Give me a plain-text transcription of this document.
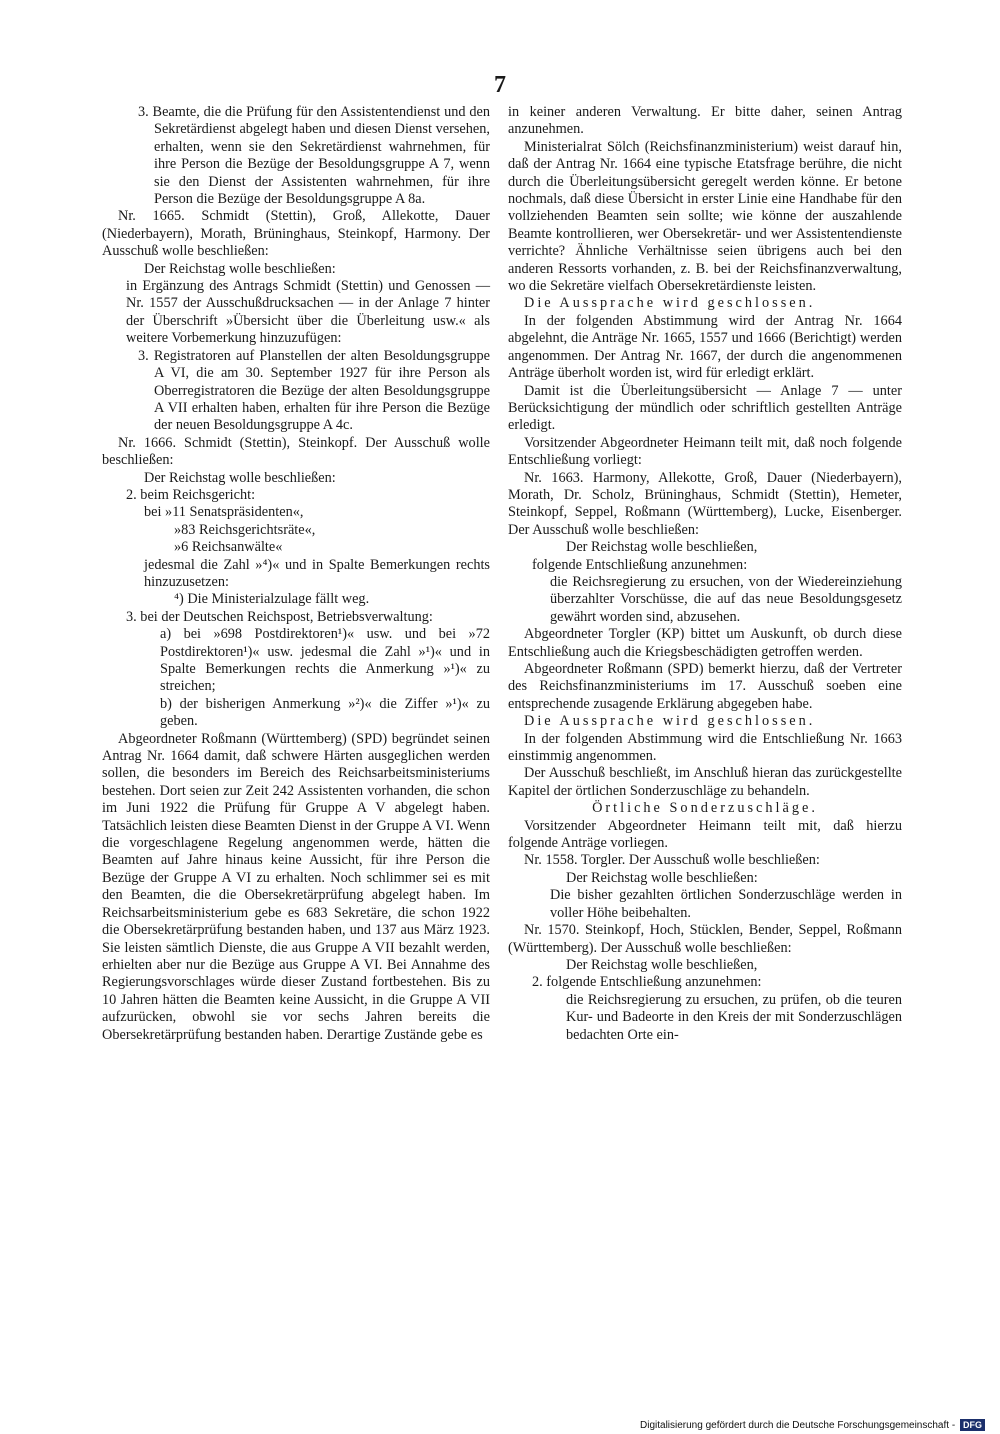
7

3. Beamte, die die Prüfung für den Assistentendienst und den Sekretärdienst abgelegt haben und diesen Dienst versehen, erhalten, wenn sie den Sekretärdienst wahrnehmen, für ihre Person die Bezüge der Besoldungsgruppe A 7, wenn sie den Dienst der Assistenten wahrnehmen, für ihre Person die Bezüge der Besoldungsgruppe A 8a.

Nr. 1665. Schmidt (Stettin), Groß, Allekotte, Dauer (Niederbayern), Morath, Brüninghaus, Steinkopf, Harmony. Der Ausschuß wolle beschließen:

Der Reichstag wolle beschließen:

in Ergänzung des Antrags Schmidt (Stettin) und Genossen — Nr. 1557 der Ausschußdrucksachen — in der Anlage 7 hinter der Überschrift »Übersicht über die Überleitung usw.« als weitere Vorbemerkung hinzuzufügen:

3. Registratoren auf Planstellen der alten Besoldungsgruppe A VI, die am 30. September 1927 für ihre Person als Oberregistratoren die Bezüge der alten Besoldungsgruppe A VII erhalten haben, erhalten für ihre Person die Bezüge der neuen Besoldungsgruppe A 4c.

Nr. 1666. Schmidt (Stettin), Steinkopf. Der Ausschuß wolle beschließen:

Der Reichstag wolle beschließen:

2. beim Reichsgericht:

bei »11 Senatspräsidenten«,

»83 Reichsgerichtsräte«,

»6 Reichsanwälte«

jedesmal die Zahl »⁴)« und in Spalte Bemerkungen rechts hinzuzusetzen:

⁴) Die Ministerialzulage fällt weg.

3. bei der Deutschen Reichspost, Betriebsverwaltung:

a) bei »698 Postdirektoren¹)« usw. und bei »72 Postdirektoren¹)« usw. jedesmal die Zahl »¹)« und in Spalte Bemerkungen rechts die Anmerkung »¹)« zu streichen;

b) der bisherigen Anmerkung »²)« die Ziffer »¹)« zu geben.

Abgeordneter Roßmann (Württemberg) (SPD) begründet seinen Antrag Nr. 1664 damit, daß schwere Härten ausgeglichen werden sollen, die besonders im Bereich des Reichsarbeitsministeriums bestehen. Dort seien zur Zeit 242 Assistenten vorhanden, die schon im Juni 1922 die Prüfung für Gruppe A V abgelegt haben. Tatsächlich leisten diese Beamten Dienst in der Gruppe A VI. Wenn die vorgeschlagene Regelung angenommen werde, hätten die Beamten auf Jahre hinaus keine Aussicht, für ihre Person die Bezüge der Gruppe A VI zu erhalten. Noch schlimmer sei es mit den Beamten, die die Obersekretärprüfung abgelegt haben. Im Reichsarbeitsministerium gebe es 683 Sekretäre, die schon 1922 die Obersekretärprüfung bestanden haben, und 137 aus März 1923. Sie leisten sämtlich Dienste, die aus Gruppe A VII bezahlt werden, erhielten aber nur die Bezüge aus Gruppe A VI. Bei Annahme des Regierungsvorschlages würde dieser Zustand fortbestehen. Bis zu 10 Jahren hätten die Beamten keine Aussicht, in die Gruppe A VII aufzurücken, obwohl sie vor sechs Jahren bereits die Obersekretärprüfung bestanden haben. Derartige Zustände gebe es

in keiner anderen Verwaltung. Er bitte daher, seinen Antrag anzunehmen.

Ministerialrat Sölch (Reichsfinanzministerium) weist darauf hin, daß der Antrag Nr. 1664 eine typische Etatsfrage berühre, die nicht durch die Überleitungsübersicht geregelt werden könne. Er betone nochmals, daß diese Übersicht in erster Linie eine Handhabe für den vollziehenden Beamten sein sollte; wie könne der auszahlende Beamte kontrollieren, wer Obersekretär- und wer Assistentendienste verrichte? Ähnliche Verhältnisse seien übrigens auch bei den anderen Ressorts vorhanden, z. B. bei der Reichsfinanzverwaltung, wo die Sekretäre vielfach Obersekretärdienste leisten.

Die Aussprache wird geschlossen.

In der folgenden Abstimmung wird der Antrag Nr. 1664 abgelehnt, die Anträge Nr. 1665, 1557 und 1666 (Berichtigt) werden angenommen. Der Antrag Nr. 1667, der durch die angenommenen Anträge überholt worden ist, wird für erledigt erklärt.

Damit ist die Überleitungsübersicht — Anlage 7 — unter Berücksichtigung der mündlich oder schriftlich gestellten Anträge erledigt.

Vorsitzender Abgeordneter Heimann teilt mit, daß noch folgende Entschließung vorliegt:

Nr. 1663. Harmony, Allekotte, Groß, Dauer (Niederbayern), Morath, Dr. Scholz, Brüninghaus, Schmidt (Stettin), Hemeter, Steinkopf, Seppel, Roßmann (Württemberg), Lucke, Eisenberger. Der Ausschuß wolle beschließen:

Der Reichstag wolle beschließen,

folgende Entschließung anzunehmen:

die Reichsregierung zu ersuchen, von der Wiedereinziehung überzahlter Vorschüsse, die auf das neue Besoldungsgesetz gewährt worden sind, abzusehen.

Abgeordneter Torgler (KP) bittet um Auskunft, ob durch diese Entschließung auch die Kriegsbeschädigten getroffen werden.

Abgeordneter Roßmann (SPD) bemerkt hierzu, daß der Vertreter des Reichsfinanzministeriums im 17. Ausschuß soeben eine entsprechende zusagende Erklärung abgegeben habe.

Die Aussprache wird geschlossen.

In der folgenden Abstimmung wird die Entschließung Nr. 1663 einstimmig angenommen.

Der Ausschuß beschließt, im Anschluß hieran das zurückgestellte Kapitel der örtlichen Sonderzuschläge zu behandeln.

Örtliche Sonderzuschläge.

Vorsitzender Abgeordneter Heimann teilt mit, daß hierzu folgende Anträge vorliegen.

Nr. 1558. Torgler. Der Ausschuß wolle beschließen:

Der Reichstag wolle beschließen:

Die bisher gezahlten örtlichen Sonderzuschläge werden in voller Höhe beibehalten.

Nr. 1570. Steinkopf, Hoch, Stücklen, Bender, Seppel, Roßmann (Württemberg). Der Ausschuß wolle beschließen:

Der Reichstag wolle beschließen,

2. folgende Entschließung anzunehmen:

die Reichsregierung zu ersuchen, zu prüfen, ob die teuren Kur- und Badeorte in den Kreis der mit Sonderzuschlägen bedachten Orte ein-

Digitalisierung gefördert durch die Deutsche Forschungsgemeinschaft - DFG
